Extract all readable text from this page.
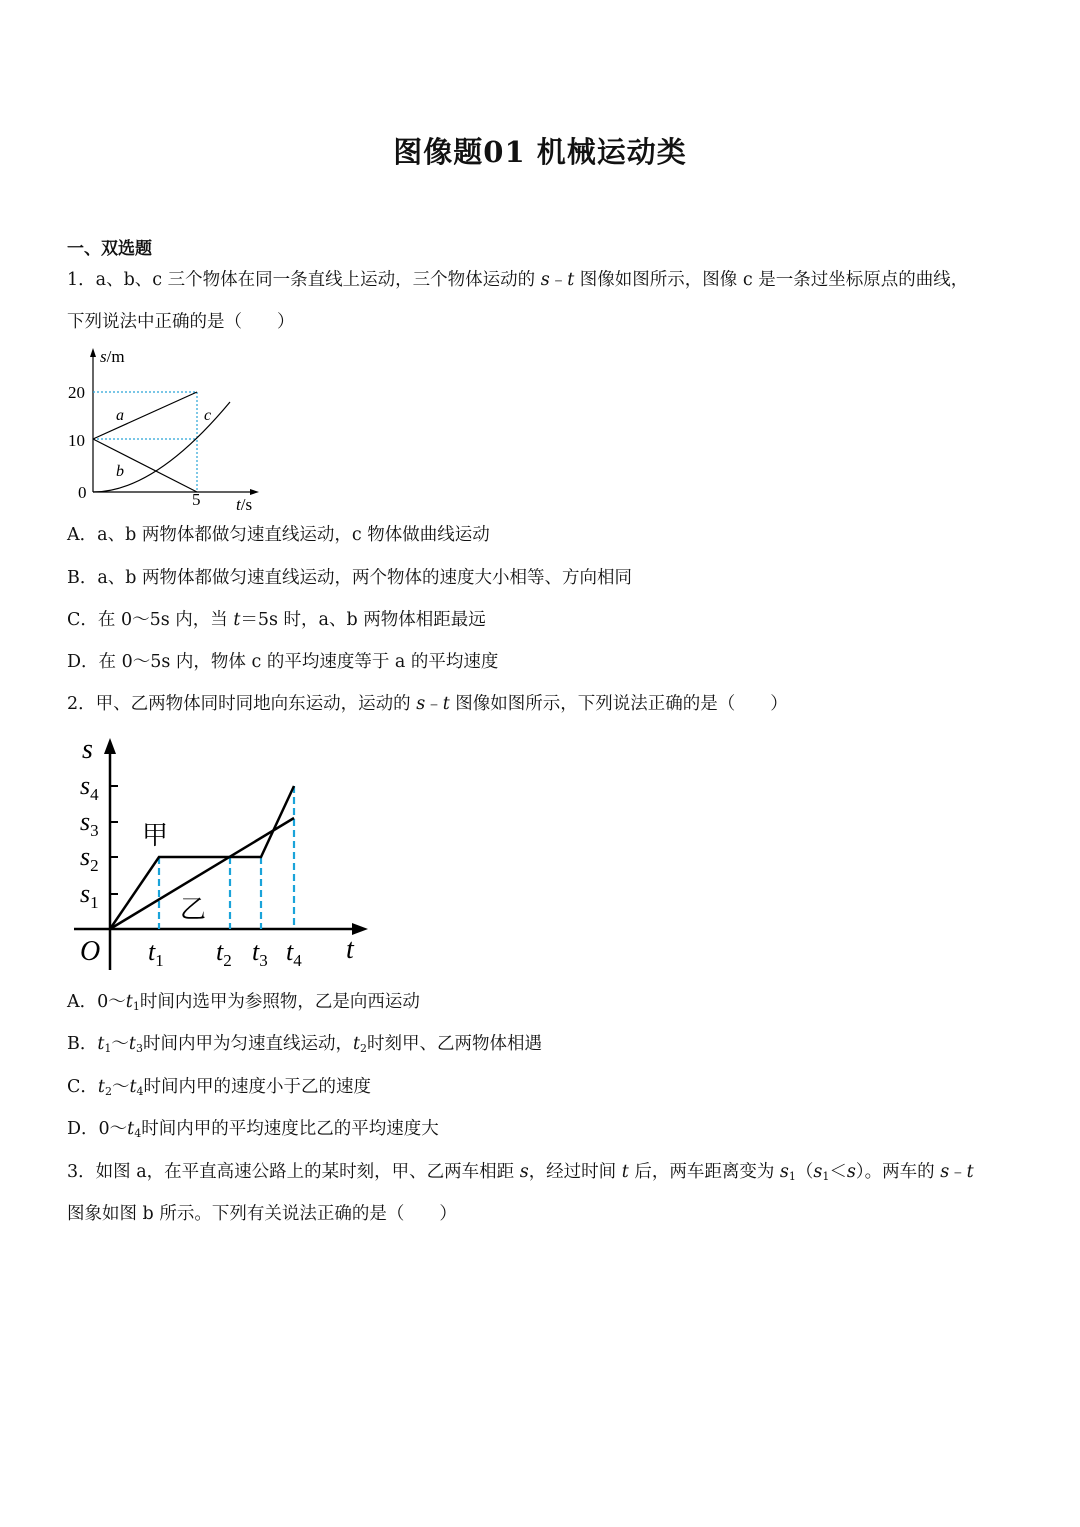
图像题01 机械运动类
一、双选题
1．a、b、c 三个物体在同一条直线上运动，三个物体运动的 s﹣t 图像如图所示，图像 c 是一条过坐标原点的曲线，
下列说法中正确的是（　　）
s/m
20
10
0	5 t/s
a
b
c
A．a、b 两物体都做匀速直线运动，c 物体做曲线运动
B．a、b 两物体都做匀速直线运动，两个物体的速度大小相等、方向相同
C．在 0～5s 内，当 t＝5s 时，a、b 两物体相距最远
D．在 0～5s 内，物体 c 的平均速度等于 a 的平均速度
2．甲、乙两物体同时同地向东运动，运动的 s﹣t 图像如图所示，下列说法正确的是（　　）
s
$s_4$
$s_3$
$s_2$
$s_1$
O $t_1$ $t_2$ $t_3$ $t_4$ t
甲
乙
A．$0\sim t_1$时间内选甲为参照物，乙是向西运动
B．$t_1\sim t_3$时间内甲为匀速直线运动，$t_2$时刻甲、乙两物体相遇
C．$t_2\sim t_4$时间内甲的速度小于乙的速度
D．$0\sim t_4$时间内甲的平均速度比乙的平均速度大
3．如图 a，在平直高速公路上的某时刻，甲、乙两车相距 s，经过时间 t 后，两车距离变为 $s_1(s_1<s)$。两车的 s﹣t
图象如图 b 所示。下列有关说法正确的是（　　）
